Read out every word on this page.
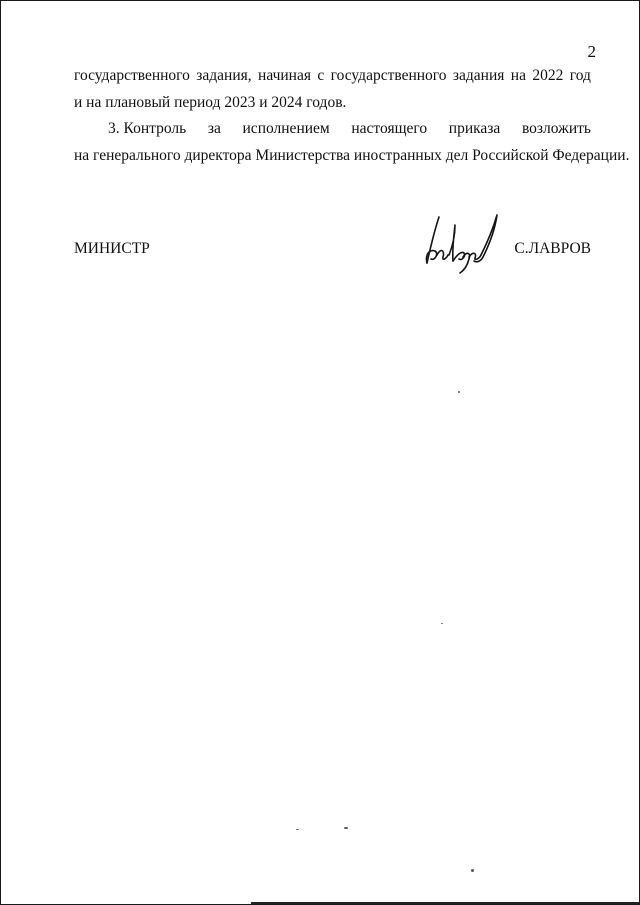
2
государственного задания, начиная с государственного задания на 2022 год
и на плановый период 2023 и 2024 годов.
3. Контроль за исполнением настоящего приказа возложить
на генерального директора Министерства иностранных дел Российской Федерации.
МИНИСТР	С.ЛАВРОВ
